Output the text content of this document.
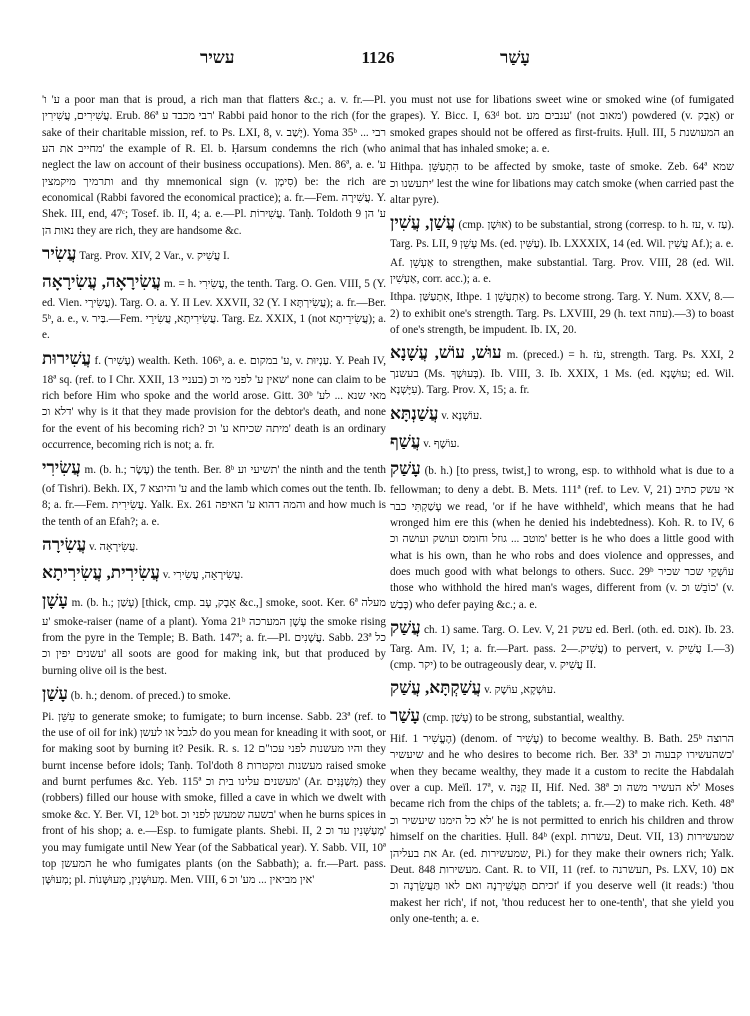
עשיר	1126	עָשַׁר

'ע' ו a poor man that is proud, a rich man that flatters &c.; a. v. fr.—Pl. עֲשִׁירִים, עֲשִׁירִין. Erub. 86ª רבי מכבד ע' Rabbi paid honor to the rich (for the sake of their charitable mission, ref. to Ps. LXI, 8, v. יָשַׁב). Yoma 35ᵇ רבי ... מחייב את הע' the example of R. El. b. Ḥarsum condemns the rich (who neglect the law on account of their business occupations). Men. 86ª, a. e. ע' ותרמיך מיקמצין and thy mnemonical sign (v. סִימָן) be: the rich are economical (Rabbi favored the economical practice); a. fr.—Fem. עֲשִׁירָה. Y. Shek. III, end, 47ᶜ; Tosef. ib. II, 4; a. e.—Pl. עֲשִׁירוֹת. Tanḥ. Toldoth 9 ע' הן נאות הן they are rich, they are handsome &c.

עֲשִׂיר Targ. Prov. XIV, 2 Var., v. עֲשִׁיק I.

עֲשִׂירָאָה, עֲשִׂירָאָה m. = h. עֲשִׂירִי, the tenth. Targ. O. Gen. VIII, 5 (Y. ed. Vien. עֲשִׂירָי). Targ. O. a. Y. II Lev. XXVII, 32 (Y. I עֲשִׂירְתָּא); a. fr.—Ber. 5ᵇ, a. e., v. בַּיר.—Fem. עֲשִׂירִיתָא, עֲשִׂירֵי. Targ. Ez. XXIX, 1 (not עֲשִׂירֵיתָא); a. e.

עֲשִׁירוּת f. (עָשִׁיר) wealth. Keth. 106ᵇ, a. e. ע' במקום, v. עַנְיוּת. Y. Peah IV, 18ª sq. (ref. to I Chr. XXII, 13 בעניי) שאין ע' לפני מי וכ' none can claim to be rich before Him who spoke and the world arose. Gitt. 30ᵇ מאי שנא ... לע' דלא וכ' why is it that they made provision for the debtor's death, and none for the event of his becoming rich? מיתה שכיחא ע' וכ' death is an ordinary occurrence, becoming rich is not; a. fr.

עֲשִׂירִי m. (b. h.; עֶשֶׂר) the tenth. Ber. 8ᵇ תשיעי וע' the ninth and the tenth (of Tishri). Bekh. IX, 7 ע' והיוצא and the lamb which comes out the tenth. Ib. 8; a. fr.—Fem. עֲשִׂירִית. Yalk. Ex. 261 והמה דהוא ע' האיפה and how much is the tenth of an Efah?; a. e.

עֲשִׂירָה v. עֲשִׂירָאָה.

עֲשִׂירִית, עֲשִׂירִיתָא v. עֲשִׂירָאָה, עֲשִׂירִי.

עָשָׁן m. (b. h.; עָשַׁן) [thick, cmp. אָבָק, עָב &c.,] smoke, soot. Ker. 6ª מעלה ע' smoke-raiser (name of a plant). Yoma 21ᵇ עָשָׁן המערכה the smoke rising from the pyre in the Temple; B. Bath. 147ª; a. fr.—Pl. עֲשָׁנִים. Sabb. 23ª כל עשנים יפין וכ' all soots are good for making ink, but that produced by burning olive oil is the best.

עָשַׁן (b. h.; denom. of preced.) to smoke.

Pi. עִשֵּׁן to generate smoke; to fumigate; to burn incense. Sabb. 23ª (ref. to the use of oil for ink) לגבל או לעשן do you mean for kneading it with soot, or for making soot by burning it? Pesik. R. s. 12 והיו מעשנות לפני עכו"ם they burnt incense before idols; Tanḥ. Tol'doth 8 מעשנות ומקטרות raised smoke and burnt perfumes &c. Yeb. 115ª מעשנים עלינו בית וכ' (Ar. מִשַׁנְּנִים) they (robbers) filled our house with smoke, filled a cave in which we dwelt with smoke &c. Y. Ber. VI, 12ᵇ bot. בשעה שמעשן לפני וכ' when he burns spices in front of his shop; a. e.—Esp. to fumigate plants. Shebi. II, 2 מְעַשְּׁנִין עד וכ' you may fumigate until New Year (of the Sabbatical year). Y. Sabb. VII, 10ª top המעשן he who fumigates plants (on the Sabbath); a. fr.—Part. pass. מְעוּשָּׁן; pl. מְעוּשָּׁנִין, מְעוּשָּׁנוֹת. Men. VIII, 6 אין מביאין ... מע' וכ'

you must not use for libations sweet wine or smoked wine (of fumigated grapes). Y. Bicc. I, 63ᵈ bot. ענבים מע' (not מאוב') powdered (v. אָבָק) or smoked grapes should not be offered as first-fruits. Ḥull. III, 5 המעושנת an animal that has inhaled smoke; a. e.

Hithpa. הִתְעַשֵּׁן to be affected by smoke, taste of smoke. Zeb. 64ª שמא יתעשנו וכ' lest the wine for libations may catch smoke (when carried past the altar pyre).

עֲשַׁן, עֲשִׁין (cmp. אוּשָׁן) to be substantial, strong (corresp. to h. עז, v. עַז). Targ. Ps. LII, 9 עָשֵׁן Ms. (ed. עַשִּׁין). Ib. LXXXIX, 14 (ed. Wil. עֲשִׁין Af.); a. e.

Af. אַעְשֵׁן to strengthen, make substantial. Targ. Prov. VIII, 28 (ed. Wil. אַעְשִׁין, corr. acc.); a. e.

Ithpa. אִתְעַשַּׁן, Ithpe. אִתְעֲשֵׁן 1) to become strong. Targ. Y. Num. XXV, 8.—2) to exhibit one's strength. Targ. Ps. LXVIII, 29 (h. text עוזה).—3) to boast of one's strength, be impudent. Ib. IX, 20.

עוּשׁ, עוֹשׁ, עֲשָׁנָא m. (preced.) = h. עֹז, strength. Targ. Ps. XXI, 2 בעשנך (Ms. בְּעוּשָׁךְ). Ib. VIII, 3. Ib. XXIX, 1 Ms. (ed. עוּשָׁנָא; ed. Wil. עִיָּשְׁנָא). Targ. Prov. X, 15; a. fr.

עֲשַׁנְתָּא v. עוֹשְׁנָא.

עֲשַׁף v. עוֹשֶׁף.

עָשַׁק (b. h.) [to press, twist,] to wrong, esp. to withhold what is due to a fellowman; to deny a debt. B. Mets. 111ª (ref. to Lev. V, 21) אי עשק כתיב עָשַׁקְתִּי כבר we read, 'or if he have withheld', which means that he had wronged him ere this (when he denied his indebtedness). Koh. R. to IV, 6 מוטב ... גוזל וחומס ועושק ועושה וכ' better is he who does a little good with what is his own, than he who robs and does violence and oppresses, and does much good with what belongs to others. Succ. 29ᵇ עוֹשְׁקֵי שכר שכיר those who withhold the hired man's wages, different from (v. כוֹבֵשׁ וכ' (v. כָּבַשׁ) who defer paying &c.; a. e.

עֲשַׁק ch. 1) same. Targ. O. Lev. V, 21 עשק ed. Berl. (oth. ed. אנס). Ib. 23. Targ. Am. IV, 1; a. fr.—Part. pass. עֲשִׁיק.—2) to pervert, v. עֲשִׁיק I.—3) (cmp. יקר) to be outrageously dear, v. עֲשִׁיק II.

עֲשַׁקְתָּא, עֲשַׁק v. עוּשְׁקָא, עוֹשֶׁק.

עָשַׁר (cmp. עָשַׁן) to be strong, substantial, wealthy.

Hif. הֶעֱשִׁיר 1) (denom. of עָשִׁיר) to become wealthy. B. Bath. 25ᵇ הרוצה שיעשיר and he who desires to become rich. Ber. 33ª כשהעשירו קבעוה וכ' when they became wealthy, they made it a custom to recite the Habdalah over a cup. Meïl. 17ª, v. קַנַּה II, Hif. Ned. 38ª לא העשיר משה וכ' Moses became rich from the chips of the tablets; a. fr.—2) to make rich. Keth. 48ª לא כל הימנו שיעשיר וכ' he is not permitted to enrich his children and throw himself on the charities. Ḥull. 84ᵇ (expl. עשרות, Deut. VII, 13) שמעשירות את בעליהן Ar. (ed. שמעשירות, Pi.) for they make their owners rich; Yalk. Deut. 848 מעשירות. Cant. R. to VII, 11 (ref. to תעשרנה, Ps. LXV, 10) אם זכיתם תַּעֲשֵׁירְנָה ואם לאו תַּעֲשֵׂרְנָה וכ' if you deserve well (it reads:) 'thou makest her rich', if not, 'thou reducest her to one-tenth', that she yield you only one-tenth; a. e.
